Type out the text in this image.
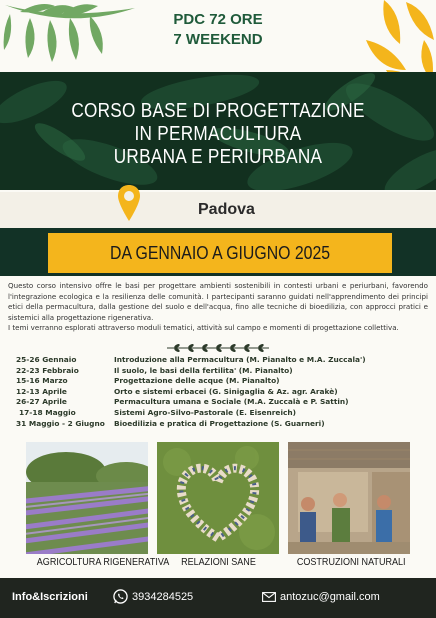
PDC 72 ORE
7 WEEKEND
CORSO BASE DI PROGETTAZIONE
IN PERMACULTURA
URBANA E PERIURBANA
Padova
DA GENNAIO A GIUGNO 2025

Questo corso intensivo offre le basi per progettare ambienti sostenibili in contesti urbani e periurbani, favorendo l'integrazione ecologica e la resilienza delle comunità. I partecipanti saranno guidati nell'apprendimento dei principi etici della permacultura, dalla gestione del suolo e dell'acqua, fino alle tecniche di bioedilizia, con approcci pratici e sistemici alla progettazione rigenerativa.

I temi verranno esplorati attraverso moduli tematici, attività sul campo e momenti di progettazione collettiva.

25-26 Gennaio	Introduzione alla Permacultura (M. Pianalto e M.A. Zuccala')
22-23 Febbraio	Il suolo, le basi della fertilita' (M. Pianalto)
15-16 Marzo	Progettazione delle acque (M. Pianalto)
12-13 Aprile	Orto e sistemi erbacei (G. Sinigaglia & Az. agr. Arakè)
26-27 Aprile	Permacultura umana e Sociale (M.A. Zuccalà e P. Sattin)
17-18 Maggio	Sistemi Agro-Silvo-Pastorale (E. Eisenreich)
31 Maggio - 2 Giugno Bioedilizia e pratica di Progettazione (S. Guarneri)
AGRICOLTURA RIGENERATIVA	RELAZIONI SANE	COSTRUZIONI NATURALI
Info&Iscrizioni	3934284525	antozuc@gmail.com
